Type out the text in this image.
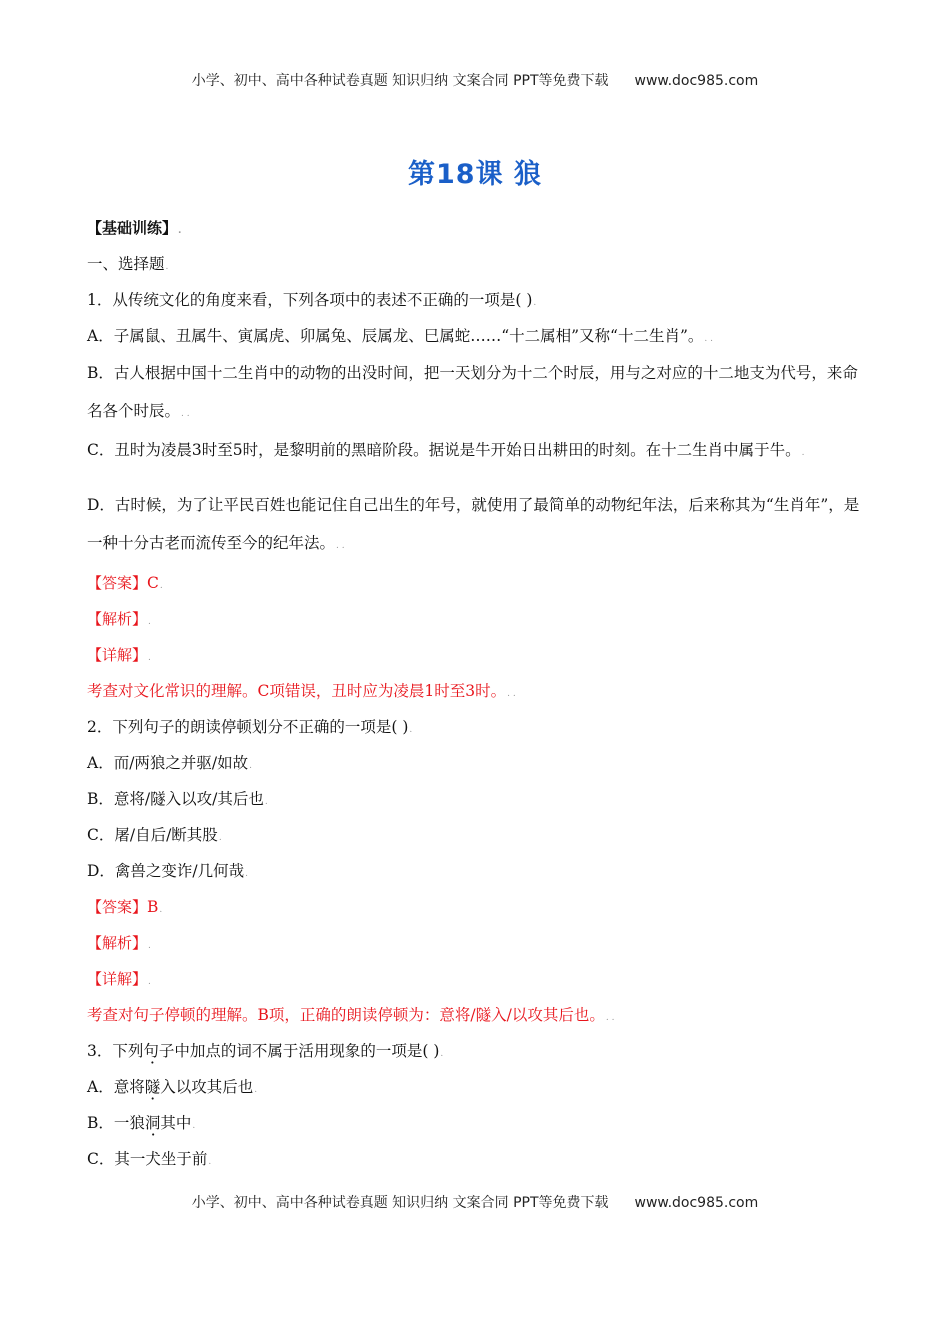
小学、初中、高中各种试卷真题 知识归纳 文案合同 PPT等免费下载 www.doc985.com
第18课 狼
【基础训练】.
一、选择题.
1．从传统文化的角度来看，下列各项中的表述不正确的一项是( ).
A．子属鼠、丑属牛、寅属虎、卯属兔、辰属龙、巳属蛇……“十二属相”又称“十二生肖”。. .
B．古人根据中国十二生肖中的动物的出没时间，把一天划分为十二个时辰，用与之对应的十二地支为代号，来命名各个时辰。. .
C．丑时为凌晨3时至5时，是黎明前的黑暗阶段。据说是牛开始日出耕田的时刻。在十二生肖中属于牛。.
D．古时候，为了让平民百姓也能记住自己出生的年号，就使用了最简单的动物纪年法，后来称其为“生肖年”，是一种十分古老而流传至今的纪年法。. .
【答案】C.
【解析】.
【详解】.
考查对文化常识的理解。C项错误，丑时应为凌晨1时至3时。. .
2．下列句子的朗读停顿划分不正确的一项是( ).
A．而/两狼之并驱/如故.
B．意将/隧入以攻/其后也.
C．屠/自后/断其股.
D．禽兽之变诈/几何哉.
【答案】B.
【解析】.
【详解】.
考查对句子停顿的理解。B项，正确的朗读停顿为：意将/隧入/以攻其后也。. .
3．下列句子中加点的词不属于活用现象的一项是( ).
A．意将隧入以攻其后也.
B．一狼洞其中.
C．其一犬坐于前.
小学、初中、高中各种试卷真题 知识归纳 文案合同 PPT等免费下载 www.doc985.com
